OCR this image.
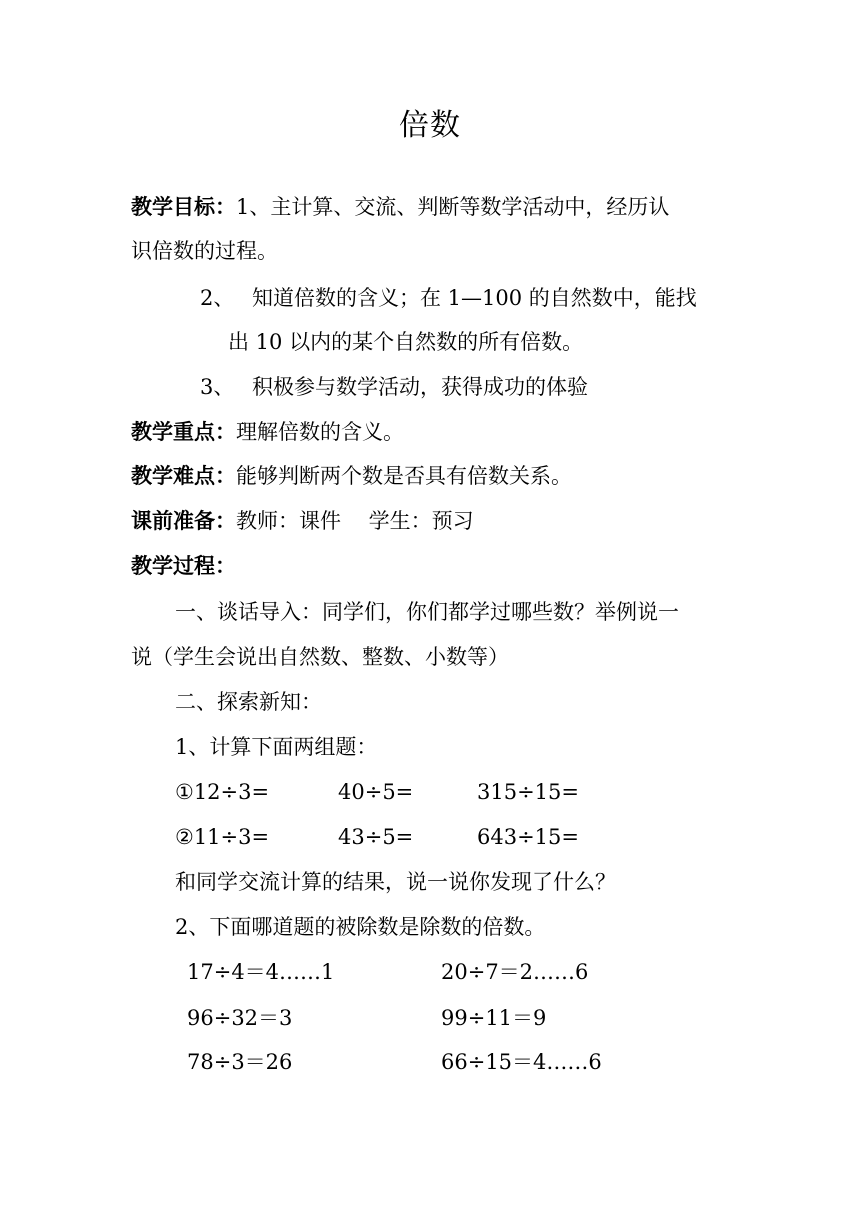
倍数
教学目标：1、主计算、交流、判断等数学活动中，经历认
识倍数的过程。
2、 知道倍数的含义；在 1—100 的自然数中，能找
出 10 以内的某个自然数的所有倍数。
3、 积极参与数学活动，获得成功的体验
教学重点：理解倍数的含义。
教学难点：能够判断两个数是否具有倍数关系。
课前准备：教师：课件　 学生：预习
教学过程：
一、谈话导入：同学们，你们都学过哪些数？举例说一
说（学生会说出自然数、整数、小数等）
二、探索新知：
1、计算下面两组题：
①12÷3=	40÷5=	315÷15=
②11÷3=	43÷5=	643÷15=
和同学交流计算的结果，说一说你发现了什么？
2、下面哪道题的被除数是除数的倍数。
17÷4＝4……1	20÷7＝2……6
96÷32＝3	99÷11＝9
78÷3＝26	66÷15＝4……6
